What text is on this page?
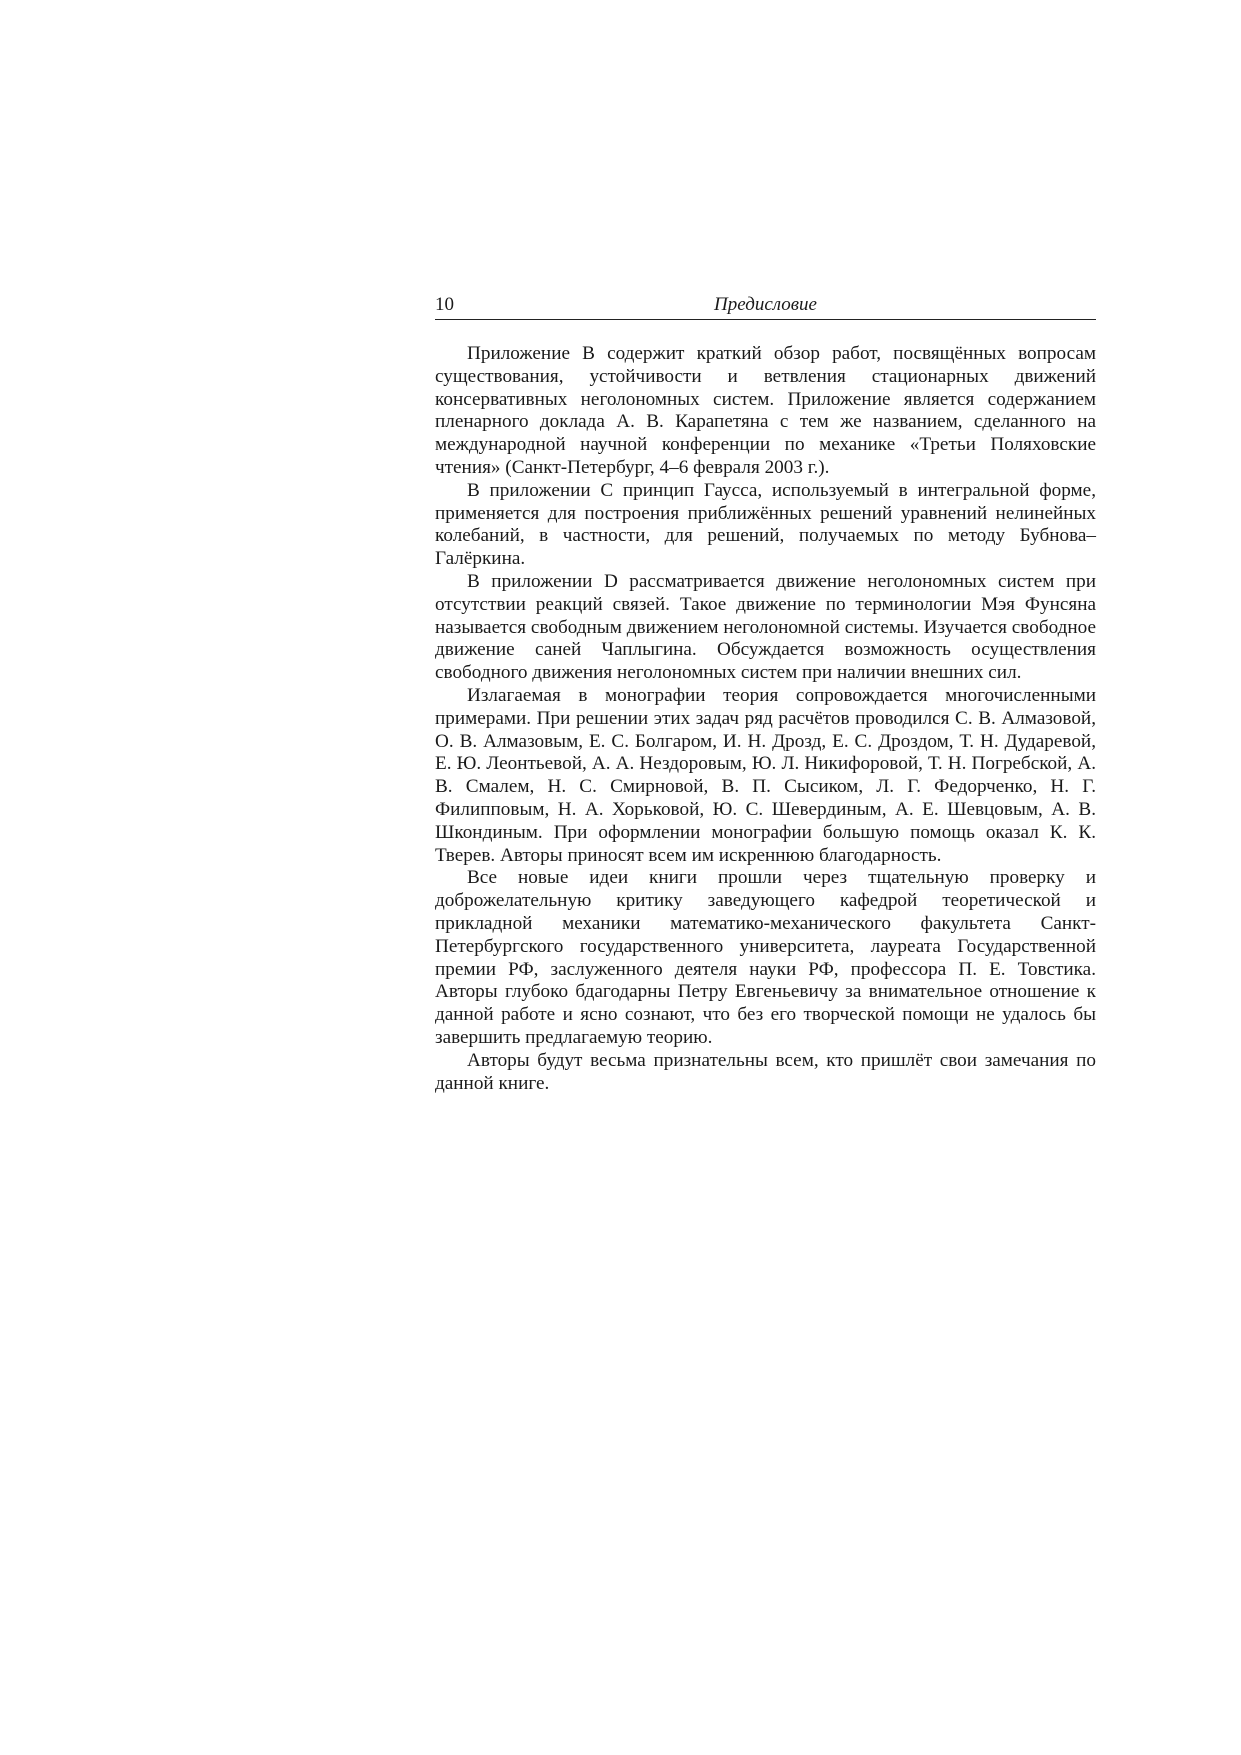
10	Предисловие

Приложение B содержит краткий обзор работ, посвящённых вопросам существования, устойчивости и ветвления стационарных движений консервативных неголономных систем. Приложение является содержанием пленарного доклада А. В. Карапетяна с тем же названием, сделанного на международной научной конференции по механике «Третьи Поляховские чтения» (Санкт-Петербург, 4–6 февраля 2003 г.).

В приложении C принцип Гаусса, используемый в интегральной форме, применяется для построения приближённых решений уравнений нелинейных колебаний, в частности, для решений, получаемых по методу Бубнова–Галёркина.

В приложении D рассматривается движение неголономных систем при отсутствии реакций связей. Такое движение по терминологии Мэя Фунсяна называется свободным движением неголономной системы. Изучается свободное движение саней Чаплыгина. Обсуждается возможность осуществления свободного движения неголономных систем при наличии внешних сил.

Излагаемая в монографии теория сопровождается многочисленными примерами. При решении этих задач ряд расчётов проводился С. В. Алмазовой, О. В. Алмазовым, Е. С. Болгаром, И. Н. Дрозд, Е. С. Дроздом, Т. Н. Дударевой, Е. Ю. Леонтьевой, А. А. Нездоровым, Ю. Л. Никифоровой, Т. Н. Погребской, А. В. Смалем, Н. С. Смирновой, В. П. Сысиком, Л. Г. Федорченко, Н. Г. Филипповым, Н. А. Хорьковой, Ю. С. Шевердиным, А. Е. Шевцовым, А. В. Шкондиным. При оформлении монографии большую помощь оказал К. К. Тверев. Авторы приносят всем им искреннюю благодарность.

Все новые идеи книги прошли через тщательную проверку и доброжелательную критику заведующего кафедрой теоретической и прикладной механики математико-механического факультета Санкт-Петербургского государственного университета, лауреата Государственной премии РФ, заслуженного деятеля науки РФ, профессора П. Е. Товстика. Авторы глубоко бдагодарны Петру Евгеньевичу за внимательное отношение к данной работе и ясно сознают, что без его творческой помощи не удалось бы завершить предлагаемую теорию.

Авторы будут весьма признательны всем, кто пришлёт свои замечания по данной книге.
